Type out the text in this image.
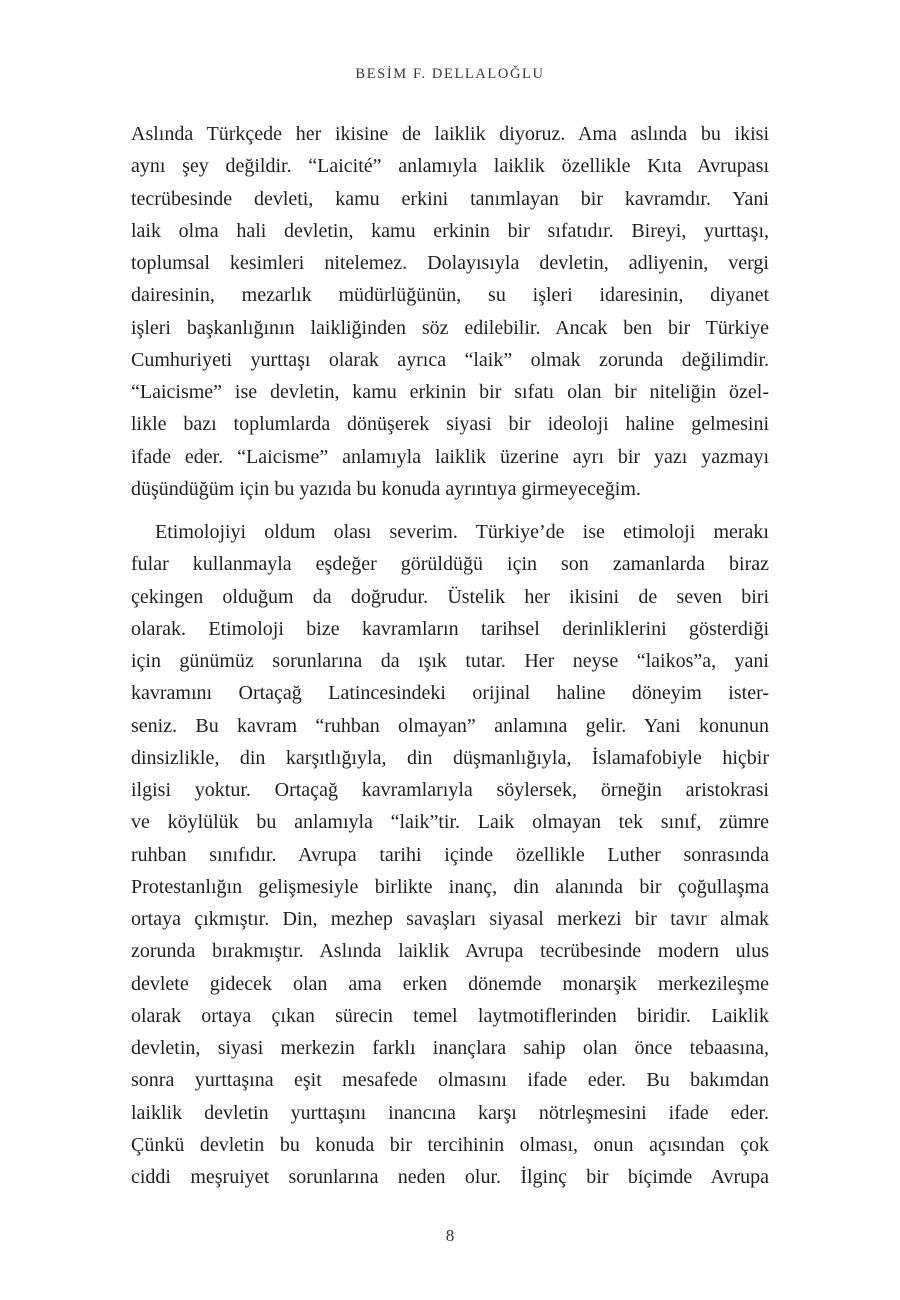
BESİM F. DELLALOĞLU
Aslında Türkçede her ikisine de laiklik diyoruz. Ama aslında bu ikisi
aynı şey değildir. “Laicité” anlamıyla laiklik özellikle Kıta Avrupası
tecrübesinde devleti, kamu erkini tanımlayan bir kavramdır. Yani
laik olma hali devletin, kamu erkinin bir sıfatıdır. Bireyi, yurttaşı,
toplumsal kesimleri nitelemez. Dolayısıyla devletin, adliyenin, vergi
dairesinin, mezarlık müdürlüğünün, su işleri idaresinin, diyanet
işleri başkanlığının laikliğinden söz edilebilir. Ancak ben bir Türkiye
Cumhuriyeti yurttaşı olarak ayrıca “laik” olmak zorunda değilimdir.
“Laicisme” ise devletin, kamu erkinin bir sıfatı olan bir niteliğin özel-
likle bazı toplumlarda dönüşerek siyasi bir ideoloji haline gelmesini
ifade eder. “Laicisme” anlamıyla laiklik üzerine ayrı bir yazı yazmayı
düşündüğüm için bu yazıda bu konuda ayrıntıya girmeyeceğim.
Etimolojiyi oldum olası severim. Türkiye’de ise etimoloji merakı
fular kullanmayla eşdeğer görüldüğü için son zamanlarda biraz
çekingen olduğum da doğrudur. Üstelik her ikisini de seven biri
olarak. Etimoloji bize kavramların tarihsel derinliklerini gösterdiği
için günümüz sorunlarına da ışık tutar. Her neyse “laikos”a, yani
kavramını Ortaçağ Latincesindeki orijinal haline döneyim ister-
seniz. Bu kavram “ruhban olmayan” anlamına gelir. Yani konunun
dinsizlikle, din karşıtlığıyla, din düşmanlığıyla, İslamafobiyle hiçbir
ilgisi yoktur. Ortaçağ kavramlarıyla söylersek, örneğin aristokrasi
ve köylülük bu anlamıyla “laik”tir. Laik olmayan tek sınıf, zümre
ruhban sınıfıdır. Avrupa tarihi içinde özellikle Luther sonrasında
Protestanlığın gelişmesiyle birlikte inanç, din alanında bir çoğullaşma
ortaya çıkmıştır. Din, mezhep savaşları siyasal merkezi bir tavır almak
zorunda bırakmıştır. Aslında laiklik Avrupa tecrübesinde modern ulus
devlete gidecek olan ama erken dönemde monarşik merkezileşme
olarak ortaya çıkan sürecin temel laytmotiflerinden biridir. Laiklik
devletin, siyasi merkezin farklı inançlara sahip olan önce tebaasına,
sonra yurttaşına eşit mesafede olmasını ifade eder. Bu bakımdan
laiklik devletin yurttaşını inancına karşı nötrleşmesini ifade eder.
Çünkü devletin bu konuda bir tercihinin olması, onun açısından çok
ciddi meşruiyet sorunlarına neden olur. İlginç bir biçimde Avrupa
8
